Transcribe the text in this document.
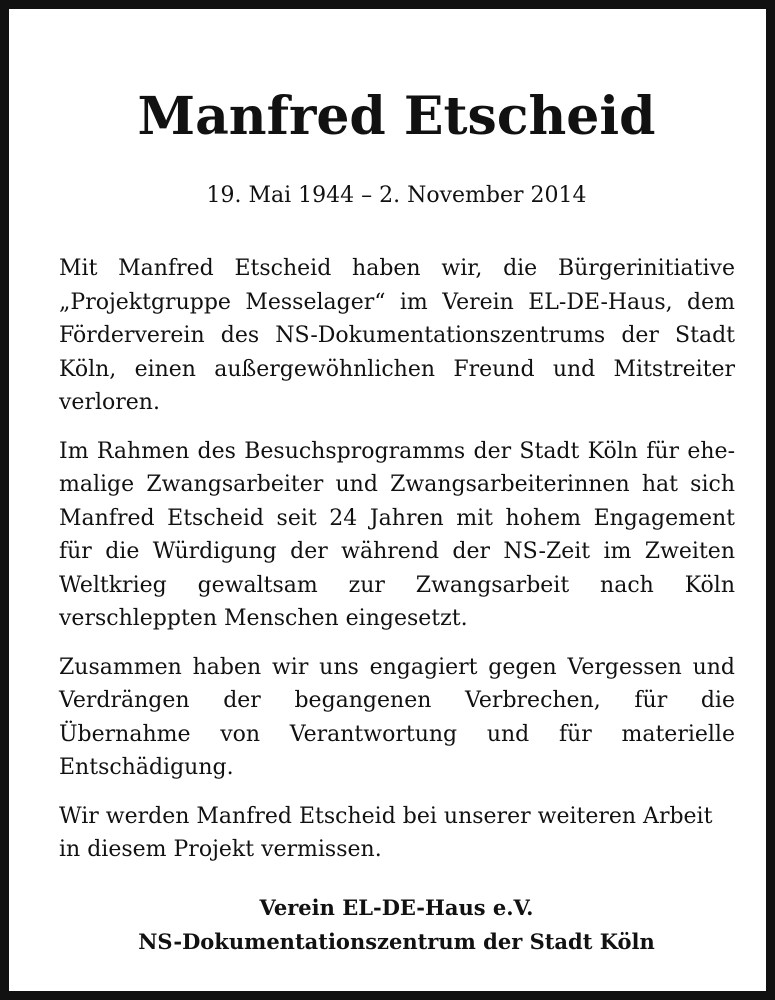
Manfred Etscheid

19. Mai 1944 – 2. November 2014

Mit Manfred Etscheid haben wir, die Bürgerinitiative „Projektgruppe Messelager“ im Verein EL-DE-Haus, dem Förderverein des NS-Dokumentationszentrums der Stadt Köln, einen außergewöhnlichen Freund und Mitstreiter verloren.

Im Rahmen des Besuchsprogramms der Stadt Köln für ehemalige Zwangsarbeiter und Zwangsarbeiterinnen hat sich Manfred Etscheid seit 24 Jahren mit hohem Engagement für die Würdigung der während der NS-Zeit im Zweiten Weltkrieg gewaltsam zur Zwangsarbeit nach Köln verschleppten Menschen eingesetzt.

Zusammen haben wir uns engagiert gegen Vergessen und Verdrängen der begangenen Verbrechen, für die Übernahme von Verantwortung und für materielle Entschädigung.

Wir werden Manfred Etscheid bei unserer weiteren Arbeit in diesem Projekt vermissen.

Verein EL-DE-Haus e.V.
NS-Dokumentationszentrum der Stadt Köln
